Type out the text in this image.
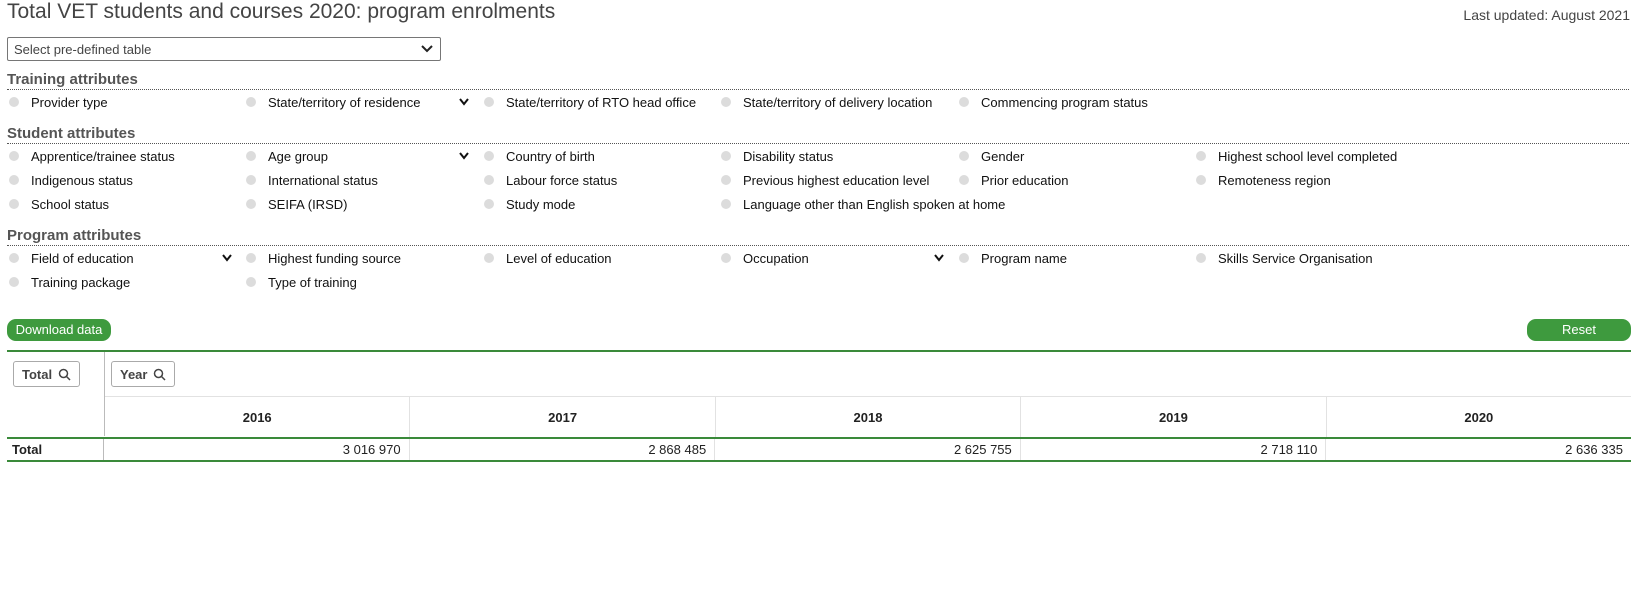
Total VET students and courses 2020: program enrolments	Last updated: August 2021
Select pre-defined table
Training attributes
Provider type	State/territory of residence	State/territory of RTO head office	State/territory of delivery location	Commencing program status
Student attributes
Apprentice/trainee status	Age group	Country of birth	Disability status	Gender	Highest school level completed
Indigenous status	International status	Labour force status	Previous highest education level	Prior education	Remoteness region
School status	SEIFA (IRSD)	Study mode	Language other than English spoken at home
Program attributes
Field of education	Highest funding source	Level of education	Occupation	Program name	Skills Service Organisation
Training package	Type of training
Download data	Reset
Total	Year
2016	2017	2018	2019	2020
Total	3 016 970	2 868 485	2 625 755	2 718 110	2 636 335
